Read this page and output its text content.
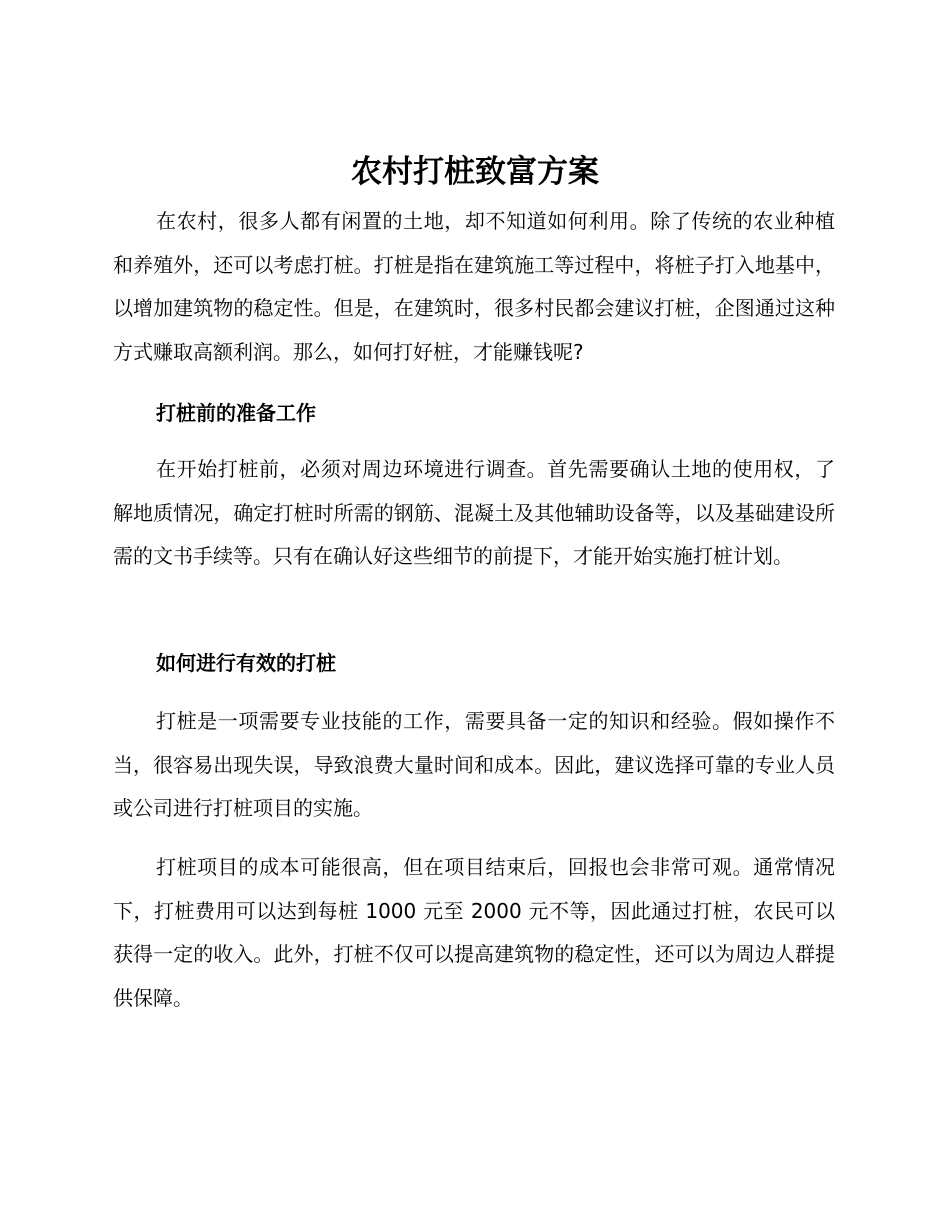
农村打桩致富方案

在农村，很多人都有闲置的土地，却不知道如何利用。除了传统的农业种植和养殖外，还可以考虑打桩。打桩是指在建筑施工等过程中，将桩子打入地基中，以增加建筑物的稳定性。但是，在建筑时，很多村民都会建议打桩，企图通过这种方式赚取高额利润。那么，如何打好桩，才能赚钱呢?

打桩前的准备工作

在开始打桩前，必须对周边环境进行调查。首先需要确认土地的使用权，了解地质情况，确定打桩时所需的钢筋、混凝土及其他辅助设备等，以及基础建设所需的文书手续等。只有在确认好这些细节的前提下，才能开始实施打桩计划。

如何进行有效的打桩

打桩是一项需要专业技能的工作，需要具备一定的知识和经验。假如操作不当，很容易出现失误，导致浪费大量时间和成本。因此，建议选择可靠的专业人员或公司进行打桩项目的实施。

打桩项目的成本可能很高，但在项目结束后，回报也会非常可观。通常情况下，打桩费用可以达到每桩 1000 元至 2000 元不等，因此通过打桩，农民可以获得一定的收入。此外，打桩不仅可以提高建筑物的稳定性，还可以为周边人群提供保障。
